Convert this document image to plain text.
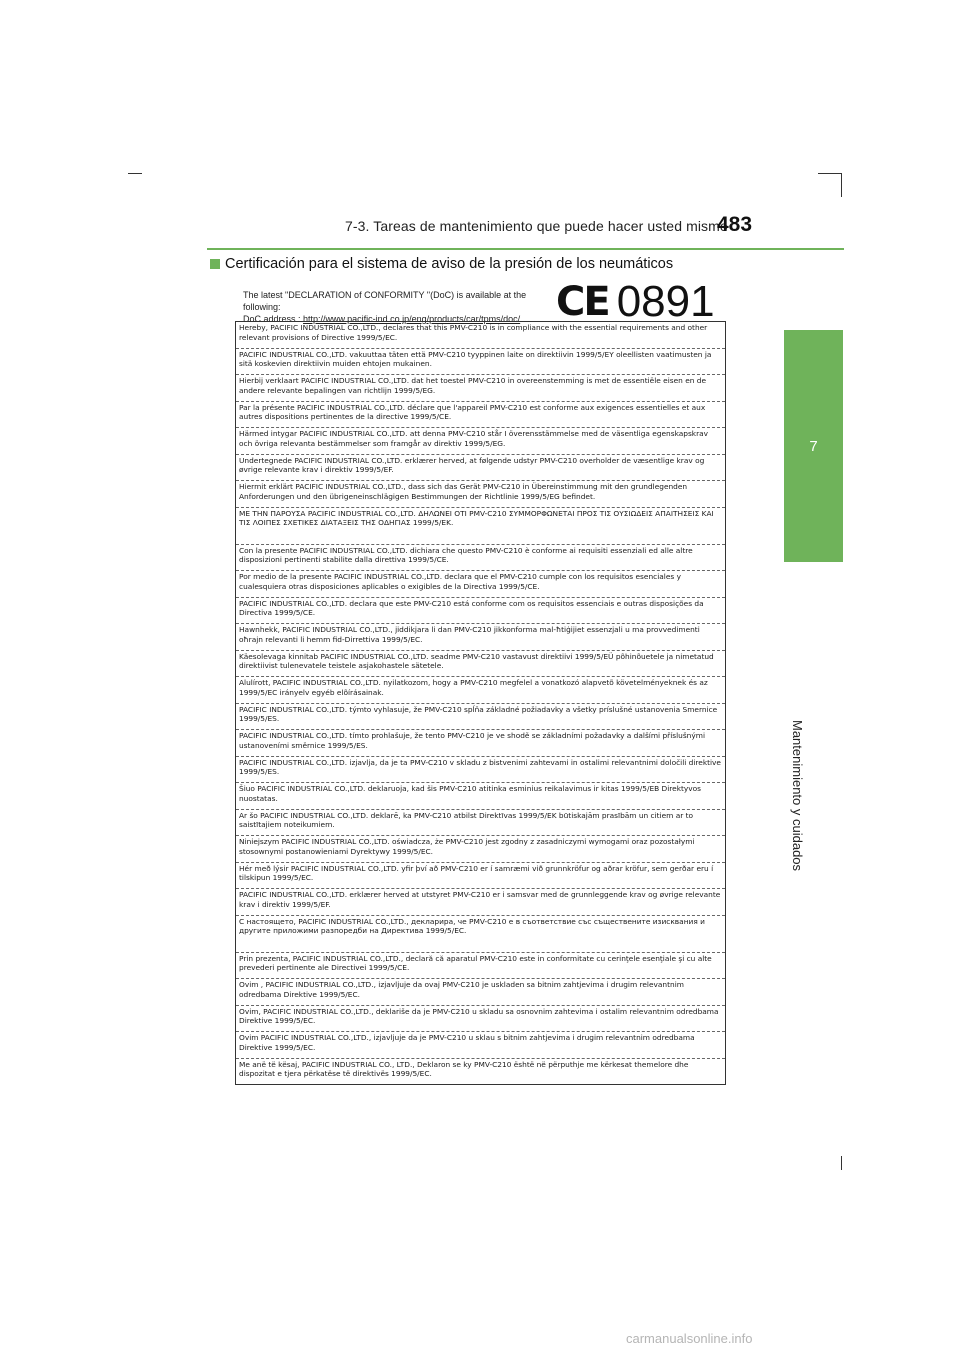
7-3. Tareas de mantenimiento que puede hacer usted mismo
483
7
Mantenimiento y cuidados
Certificación para el sistema de aviso de la presión de los neumáticos
The latest "DECLARATION of CONFORMITY "(DoC) is available at the following:
DoC address : http://www.pacific-ind.co.jp/eng/products/car/tpms/doc/ CE 0891
Hereby, PACIFIC INDUSTRIAL CO.,LTD., declares that this PMV-C210 is in compliance with the essential requirements and other relevant provisions of Directive 1999/5/EC.
PACIFIC INDUSTRIAL CO.,LTD. vakuuttaa täten että PMV-C210 tyyppinen laite on direktiivin 1999/5/EY oleellisten vaatimusten ja sitä koskevien direktiivin muiden ehtojen mukainen.
Hierbij verklaart PACIFIC INDUSTRIAL CO.,LTD. dat het toestel PMV-C210 in overeenstemming is met de essentiële eisen en de andere relevante bepalingen van richtlijn 1999/5/EG.
Par la présente PACIFIC INDUSTRIAL CO.,LTD. déclare que l'appareil PMV-C210 est conforme aux exigences essentielles et aux autres dispositions pertinentes de la directive 1999/5/CE.
Härmed intygar PACIFIC INDUSTRIAL CO.,LTD. att denna PMV-C210 står I överensstämmelse med de väsentliga egenskapskrav och övriga relevanta bestämmelser som framgår av direktiv 1999/5/EG.
Undertegnede PACIFIC INDUSTRIAL CO.,LTD. erklærer herved, at følgende udstyr PMV-C210 overholder de væsentlige krav og øvrige relevante krav i direktiv 1999/5/EF.
Hiermit erklärt PACIFIC INDUSTRIAL CO.,LTD., dass sich das Gerät PMV-C210 in Übereinstimmung mit den grundlegenden Anforderungen und den übrigeneinschlägigen Bestimmungen der Richtlinie 1999/5/EG befindet.
ΜΕ ΤΗΝ ΠΑΡΟΥΣΑ PACIFIC INDUSTRIAL CO.,LTD. ΔΗΛΩΝΕΙ ΟΤΙ PMV-C210 ΣΥΜΜΟΡΦΩΝΕΤΑΙ ΠΡΟΣ ΤΙΣ ΟΥΣΙΩΔΕΙΣ ΑΠΑΙΤΗΣΕΙΣ ΚΑΙ ΤΙΣ ΛΟΙΠΕΣ ΣΧΕΤΙΚΕΣ ΔΙΑΤΑΞΕΙΣ ΤΗΣ ΟΔΗΓΙΑΣ 1999/5/ΕΚ.
Con la presente PACIFIC INDUSTRIAL CO.,LTD. dichiara che questo PMV-C210 è conforme ai requisiti essenziali ed alle altre disposizioni pertinenti stabilite dalla direttiva 1999/5/CE.
Por medio de la presente PACIFIC INDUSTRIAL CO.,LTD. declara que el PMV-C210 cumple con los requisitos esenciales y cualesquiera otras disposiciones aplicables o exigibles de la Directiva 1999/5/CE.
PACIFIC INDUSTRIAL CO.,LTD. declara que este PMV-C210 está conforme com os requisitos essenciais e outras disposições da Directiva 1999/5/CE.
Hawnhekk, PACIFIC INDUSTRIAL CO.,LTD., jiddikjara li dan PMV-C210 jikkonforma mal-ħtiġijiet essenzjali u ma provvedimenti oħrajn relevanti li hemm fid-Dirrettiva 1999/5/EC.
Käesolevaga kinnitab PACIFIC INDUSTRIAL CO.,LTD. seadme PMV-C210 vastavust direktiivi 1999/5/EÜ põhinõuetele ja nimetatud direktiivist tulenevatele teistele asjakohastele sätetele.
Alulírott, PACIFIC INDUSTRIAL CO.,LTD. nyilatkozom, hogy a PMV-C210 megfelel a vonatkozó alapvetõ követelményeknek és az 1999/5/EC irányelv egyéb elõírásainak.
PACIFIC INDUSTRIAL CO.,LTD. týmto vyhlasuje, že PMV-C210 spĺňa základné požiadavky a všetky príslušné ustanovenia Smernice 1999/5/ES.
PACIFIC INDUSTRIAL CO.,LTD. tímto prohlašuje, že tento PMV-C210 je ve shodě se základními požadavky a dalšími příslušnými ustanoveními směrnice 1999/5/ES.
PACIFIC INDUSTRIAL CO.,LTD. izjavlja, da je ta PMV-C210 v skladu z bistvenimi zahtevami in ostalimi relevantnimi določili direktive 1999/5/ES.
Šiuo PACIFIC INDUSTRIAL CO.,LTD. deklaruoja, kad šis PMV-C210 atitinka esminius reikalavimus ir kitas 1999/5/EB Direktyvos nuostatas.
Ar šo PACIFIC INDUSTRIAL CO.,LTD. deklarē, ka PMV-C210 atbilst Direktīvas 1999/5/EK būtiskajām prasībām un citiem ar to saistītajiem noteikumiem.
Niniejszym PACIFIC INDUSTRIAL CO.,LTD. oświadcza, że PMV-C210 jest zgodny z zasadniczymi wymogami oraz pozostałymi stosownymi postanowieniami Dyrektywy 1999/5/EC.
Hér með lýsir PACIFIC INDUSTRIAL CO.,LTD. yfir því að PMV-C210 er í samræmi við grunnkröfur og aðrar kröfur, sem gerðar eru í tilskipun 1999/5/EC.
PACIFIC INDUSTRIAL CO.,LTD. erklærer herved at utstyret PMV-C210 er i samsvar med de grunnleggende krav og øvrige relevante krav i direktiv 1999/5/EF.
С настоящето, PACIFIC INDUSTRIAL CO.,LTD., декларира, че PMV-C210 е в съответствие със съществените изисквания и другите приложими разпоредби на Директива 1999/5/ЕС.
Prin prezenta, PACIFIC INDUSTRIAL CO.,LTD., declară că aparatul PMV-C210 este in conformitate cu cerinţele esenţiale şi cu alte prevederi pertinente ale Directivei 1999/5/CE.
Ovim , PACIFIC INDUSTRIAL CO.,LTD., izjavljuje da ovaj PMV-C210 je uskladen sa bitnim zahtjevima i drugim relevantnim odredbama Direktive 1999/5/EC.
Ovim, PACIFIC INDUSTRIAL CO.,LTD., deklariše da je PMV-C210 u skladu sa osnovnim zahtevima i ostalim relevantnim odredbama Direktive 1999/5/EC.
Ovim PACIFIC INDUSTRIAL CO.,LTD., izjavljuje da je PMV-C210 u sklau s bitnim zahtjevima i drugim relevantnim odredbama Direktive 1999/5/EC.
Me anë të kësaj, PACIFIC INDUSTRIAL CO., LTD., Deklaron se ky PMV-C210 është në përputhje me kërkesat themelore dhe dispozitat e tjera përkatëse të direktivës 1999/5/EC.
carmanualsonline.info
